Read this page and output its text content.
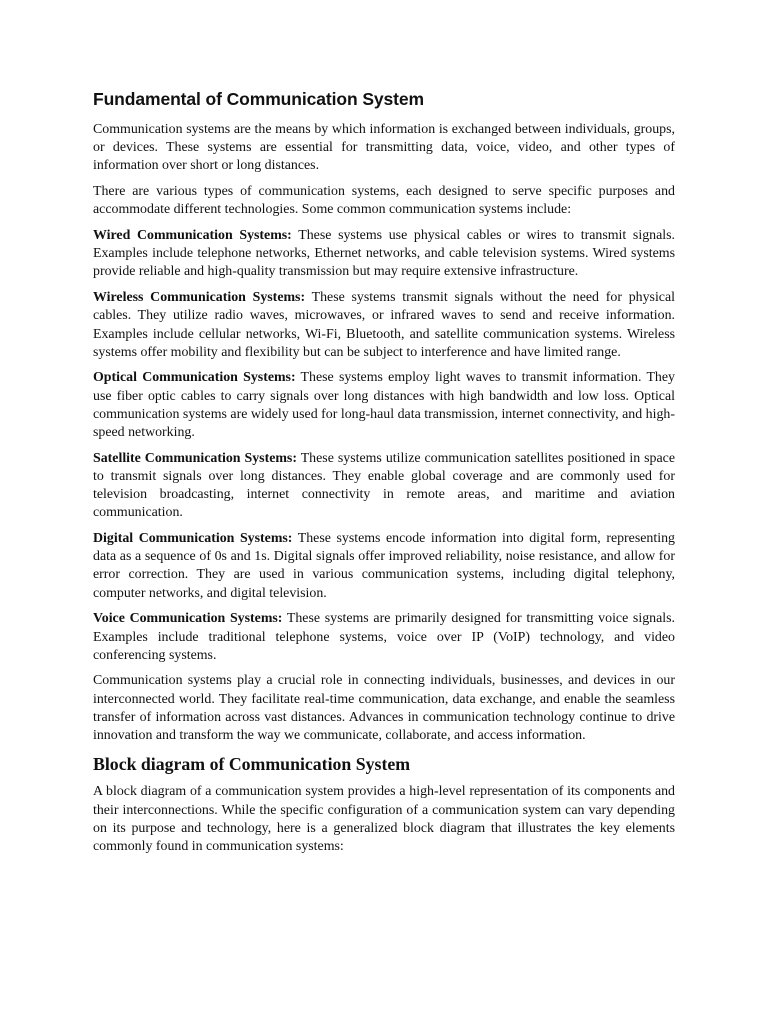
Fundamental of Communication System

Communication systems are the means by which information is exchanged between individuals, groups, or devices. These systems are essential for transmitting data, voice, video, and other types of information over short or long distances.

There are various types of communication systems, each designed to serve specific purposes and accommodate different technologies. Some common communication systems include:

Wired Communication Systems: These systems use physical cables or wires to transmit signals. Examples include telephone networks, Ethernet networks, and cable television systems. Wired systems provide reliable and high-quality transmission but may require extensive infrastructure.

Wireless Communication Systems: These systems transmit signals without the need for physical cables. They utilize radio waves, microwaves, or infrared waves to send and receive information. Examples include cellular networks, Wi-Fi, Bluetooth, and satellite communication systems. Wireless systems offer mobility and flexibility but can be subject to interference and have limited range.

Optical Communication Systems: These systems employ light waves to transmit information. They use fiber optic cables to carry signals over long distances with high bandwidth and low loss. Optical communication systems are widely used for long-haul data transmission, internet connectivity, and high-speed networking.

Satellite Communication Systems: These systems utilize communication satellites positioned in space to transmit signals over long distances. They enable global coverage and are commonly used for television broadcasting, internet connectivity in remote areas, and maritime and aviation communication.

Digital Communication Systems: These systems encode information into digital form, representing data as a sequence of 0s and 1s. Digital signals offer improved reliability, noise resistance, and allow for error correction. They are used in various communication systems, including digital telephony, computer networks, and digital television.

Voice Communication Systems: These systems are primarily designed for transmitting voice signals. Examples include traditional telephone systems, voice over IP (VoIP) technology, and video conferencing systems.

Communication systems play a crucial role in connecting individuals, businesses, and devices in our interconnected world. They facilitate real-time communication, data exchange, and enable the seamless transfer of information across vast distances. Advances in communication technology continue to drive innovation and transform the way we communicate, collaborate, and access information.

Block diagram of Communication System

A block diagram of a communication system provides a high-level representation of its components and their interconnections. While the specific configuration of a communication system can vary depending on its purpose and technology, here is a generalized block diagram that illustrates the key elements commonly found in communication systems:
